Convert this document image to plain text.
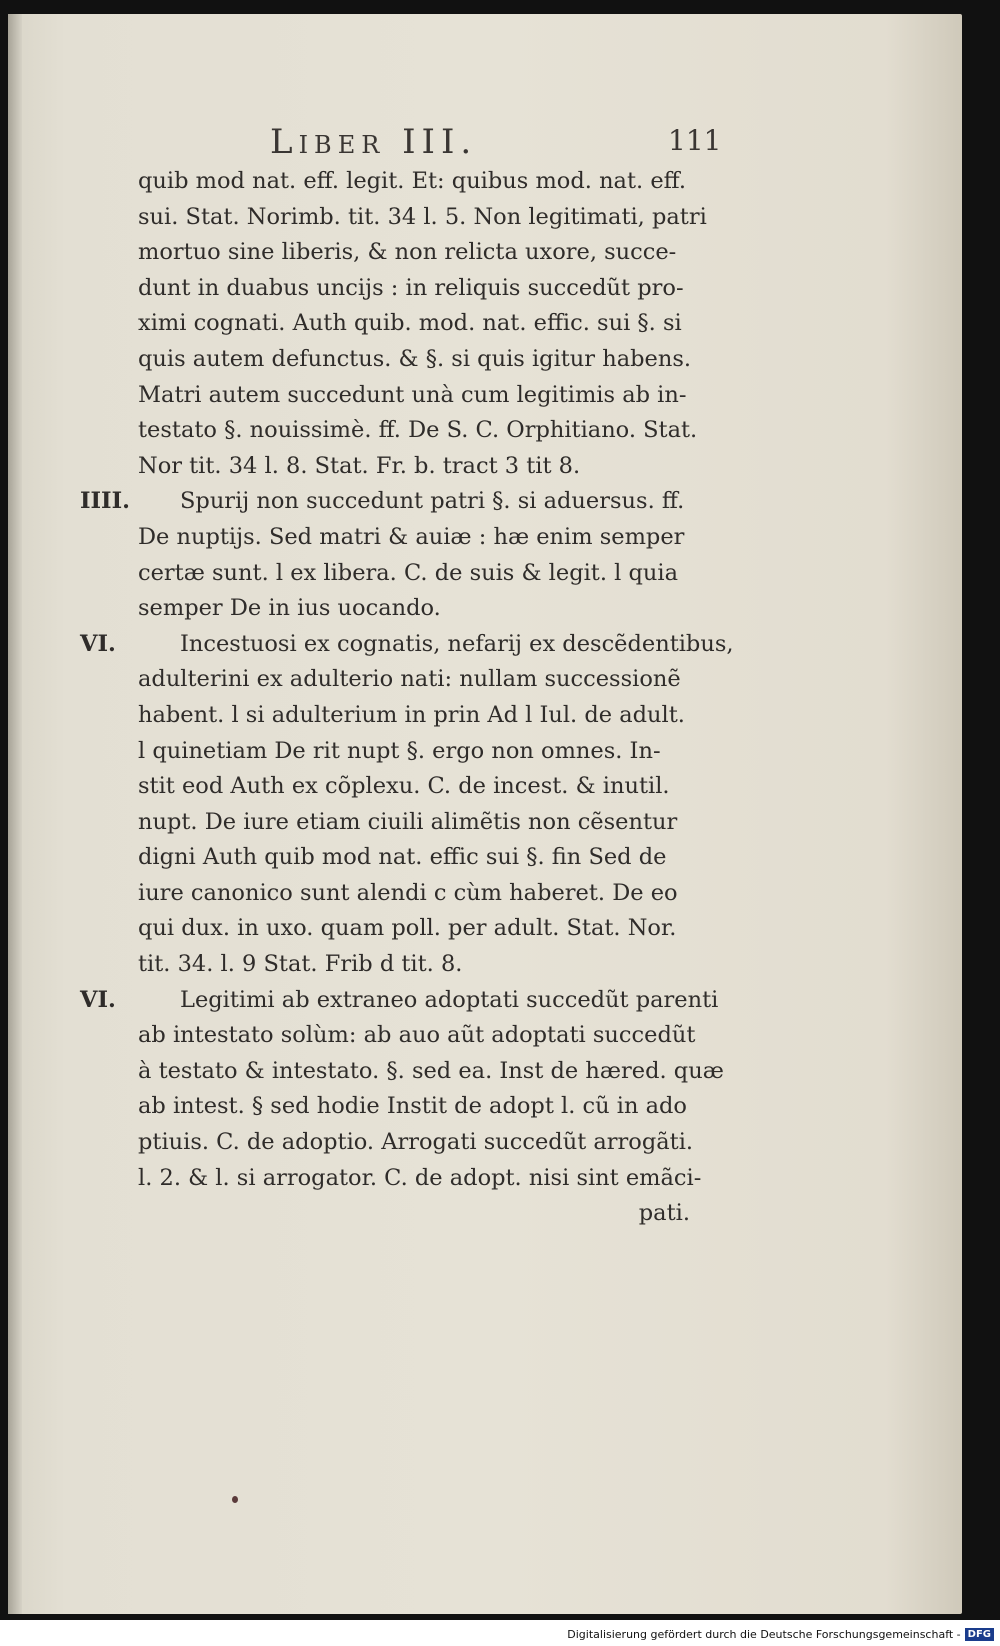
Liber III.	111
quib mod nat. eff. legit. Et: quibus mod. nat. eff.
sui. Stat. Norimb. tit. 34 l. 5. Non legitimati, patri
mortuo sine liberis, & non relicta uxore, succe-
dunt in duabus uncijs : in reliquis succedũt pro-
ximi cognati. Auth quib. mod. nat. effic. sui §. si
quis autem defunctus. & §. si quis igitur habens.
Matri autem succedunt unà cum legitimis ab in-
testato §. nouissimè. ff. De S. C. Orphitiano. Stat.
Nor tit. 34 l. 8. Stat. Fr. b. tract 3 tit 8.
IIII. Spurij non succedunt patri §. si aduersus. ff.
De nuptijs. Sed matri & auiæ : hæ enim semper
certæ sunt. l ex libera. C. de suis & legit. l quia
semper De in ius uocando.
VI.	Incestuosi ex cognatis, nefarij ex descẽdentibus,
adulterini ex adulterio nati: nullam successionẽ
habent. l si adulterium in prin Ad l Iul. de adult.
l quinetiam De rit nupt §. ergo non omnes. In-
stit eod Auth ex cõplexu. C. de incest. & inutil.
nupt. De iure etiam ciuili alimẽtis non cẽsentur
digni Auth quib mod nat. effic sui §. fin Sed de
iure canonico sunt alendi c cùm haberet. De eo
qui dux. in uxo. quam poll. per adult. Stat. Nor.
tit. 34. l. 9 Stat. Frib d tit. 8.
VI.	Legitimi ab extraneo adoptati succedũt parenti
ab intestato solùm: ab auo aũt adoptati succedũt
à testato & intestato. §. sed ea. Inst de hæred. quæ
ab intest. § sed hodie Instit de adopt l. cũ in ado
ptiuis. C. de adoptio. Arrogati succedũt arrogãti.
l. 2. & l. si arrogator. C. de adopt. nisi sint emãci-
pati.
Digitalisierung gefördert durch die Deutsche Forschungsgemeinschaft - DFG
